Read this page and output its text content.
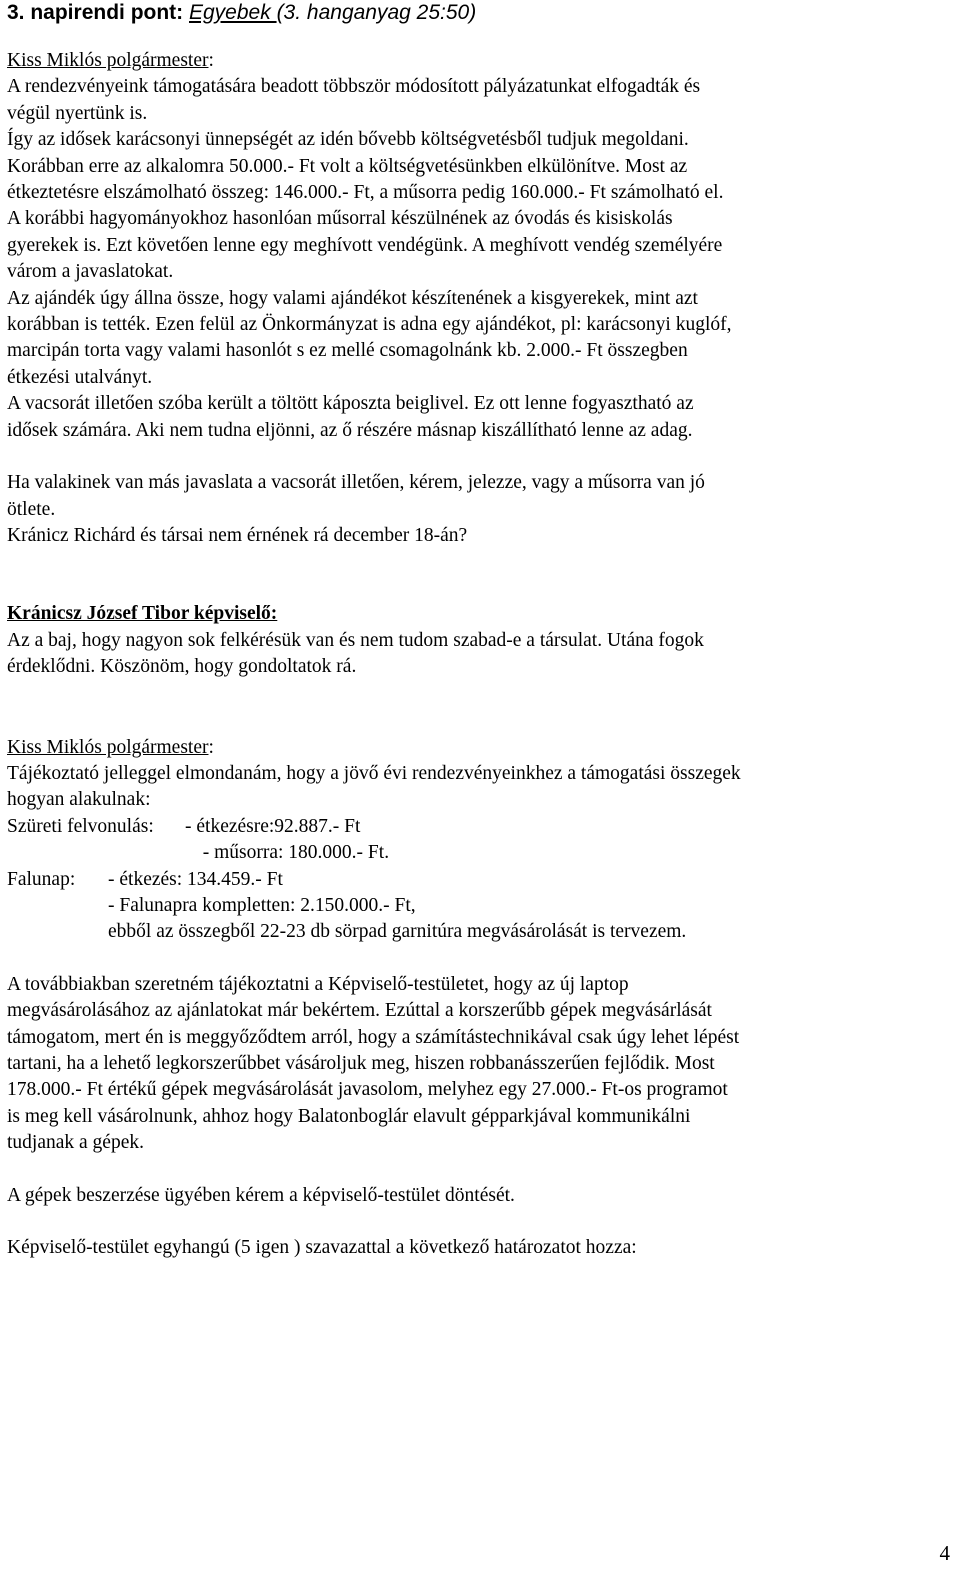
3. napirendi pont: Egyebek (3. hanganyag 25:50)

Kiss Miklós polgármester:

A rendezvényeink támogatására beadott többször módosított pályázatunkat elfogadták és

végül nyertünk is.

Így az idősek karácsonyi ünnepségét az idén bővebb költségvetésből tudjuk megoldani.

Korábban erre az alkalomra 50.000.- Ft volt a költségvetésünkben elkülönítve. Most az

étkeztetésre elszámolható összeg: 146.000.- Ft, a műsorra pedig 160.000.- Ft számolható el.

A korábbi hagyományokhoz hasonlóan műsorral készülnének az óvodás és kisiskolás

gyerekek is. Ezt követően lenne egy meghívott vendégünk. A meghívott vendég személyére

várom a javaslatokat.

Az ajándék úgy állna össze, hogy valami ajándékot készítenének a kisgyerekek, mint azt

korábban is tették. Ezen felül az Önkormányzat is adna egy ajándékot, pl: karácsonyi kuglóf,

marcipán torta vagy valami hasonlót s ez mellé csomagolnánk kb. 2.000.- Ft összegben

étkezési utalványt.

A vacsorát illetően szóba került a töltött káposzta beiglivel. Ez ott lenne fogyasztható az

idősek számára. Aki nem tudna eljönni, az ő részére másnap kiszállítható lenne az adag.

Ha valakinek van más javaslata a vacsorát illetően, kérem, jelezze, vagy a műsorra van jó

ötlete.

Kránicz Richárd és társai nem érnének rá december 18-án?

Kránicsz József Tibor képviselő:

Az a baj, hogy nagyon sok felkérésük van és nem tudom szabad-e a társulat. Utána fogok

érdeklődni. Köszönöm, hogy gondoltatok rá.

Kiss Miklós polgármester:

Tájékoztató jelleggel elmondanám, hogy a jövő évi rendezvényeinkhez a támogatási összegek

hogyan alakulnak:

Szüreti felvonulás:	- étkezésre:92.887.- Ft
- műsorra: 180.000.- Ft.
Falunap:	- étkezés: 134.459.- Ft
- Falunapra kompletten: 2.150.000.- Ft,
ebből az összegből 22-23 db sörpad garnitúra megvásárolását is tervezem.

A továbbiakban szeretném tájékoztatni a Képviselő-testületet, hogy az új laptop

megvásárolásához az ajánlatokat már bekértem. Ezúttal a korszerűbb gépek megvásárlását

támogatom, mert én is meggyőződtem arról, hogy a számítástechnikával csak úgy lehet lépést

tartani, ha a lehető legkorszerűbbet vásároljuk meg, hiszen robbanásszerűen fejlődik. Most

178.000.- Ft értékű gépek megvásárolását javasolom, melyhez egy 27.000.- Ft-os programot

is meg kell vásárolnunk, ahhoz hogy Balatonboglár elavult gépparkjával kommunikálni

tudjanak a gépek.

A gépek beszerzése ügyében kérem a képviselő-testület döntését.

Képviselő-testület egyhangú (5 igen ) szavazattal a következő határozatot hozza:

4
